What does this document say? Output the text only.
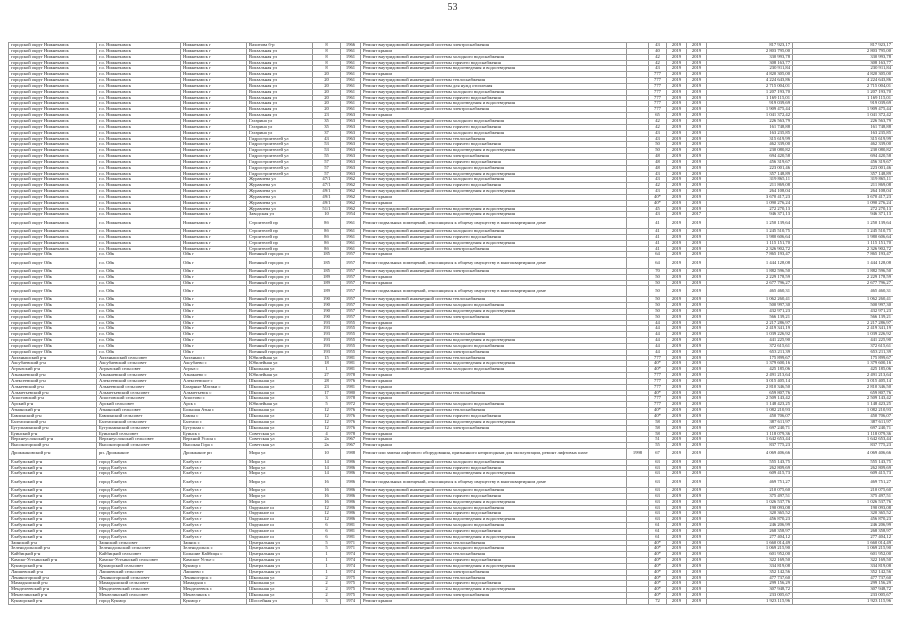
53
городской округ Нижнекамск	г.о. Нижнекамск	Нижнекамск г	Вахитова б-р	8	1966	Ремонт внутридомовой инженерной системы электроснабжения		43	2019	2019	817 923,17	817 923,17
городской округ Нижнекамск	г.о. Нижнекамск	Нижнекамск г	Вокзальная ул	8	1961	Ремонт крыши		40	2019	2019	2 803 795,00	2 803 795,00
городской округ Нижнекамск	г.о. Нижнекамск	Нижнекамск г	Вокзальная ул	8	1961	Ремонт внутридомовой инженерной системы холодного водоснабжения		42	2019	2019	330 993,78	330 993,78
городской округ Нижнекамск	г.о. Нижнекамск	Нижнекамск г	Вокзальная ул	8	1961	Ремонт внутридомовой инженерной системы горячего водоснабжения		42	2019	2019	308 163,77	308 163,77
городской округ Нижнекамск	г.о. Нижнекамск	Нижнекамск г	Вокзальная ул	8	1961	Ремонт внутридомовой инженерной системы водоотведения и водоотведения		43	2019	2019	230 911,84	230 911,84
городской округ Нижнекамск	г.о. Нижнекамск	Нижнекамск г	Вокзальная ул	20	1961	Ремонт крыши		777	2019	2019	4 820 305,00	4 820 305,00
городской округ Нижнекамск	г.о. Нижнекамск	Нижнекамск г	Вокзальная ул	20	1961	Ремонт внутридомовой инженерной системы теплоснабжения		777	2019	2019	4 224 643,86	4 224 643,86
городской округ Нижнекамск	г.о. Нижнекамск	Нижнекамск г	Вокзальная ул	20	1961	Ремонт внутридомовой инженерной системы для нужд отопления		777	2019	2019	2 715 004,01	2 715 004,01
городской округ Нижнекамск	г.о. Нижнекамск	Нижнекамск г	Вокзальная ул	20	1961	Ремонт внутридомовой инженерной системы холодного водоснабжения		777	2019	2019	1 207 193,70	1 207 193,70
городской округ Нижнекамск	г.о. Нижнекамск	Нижнекамск г	Вокзальная ул	20	1961	Ремонт внутридомовой инженерной системы горячего водоснабжения		777	2019	2019	1 169 115,01	1 169 115,01
городской округ Нижнекамск	г.о. Нижнекамск	Нижнекамск г	Вокзальная ул	20	1961	Ремонт внутридомовой инженерной системы водоотведения и водоотведения		777	2019	2019	919 039,69	919 039,69
городской округ Нижнекамск	г.о. Нижнекамск	Нижнекамск г	Вокзальная ул	20	1961	Ремонт внутридомовой инженерной системы электроснабжения		777	2019	2019	1 909 475,44	1 909 475,44
городской округ Нижнекамск	г.о. Нижнекамск	Нижнекамск г	Вокзальная ул	23	1963	Ремонт крыши		65	2019	2019	1 041 372,42	1 041 372,42
городской округ Нижнекамск	г.о. Нижнекамск	Нижнекамск г	Гагарина ул	35	1963	Ремонт внутридомовой инженерной системы холодного водоснабжения		42	2019	2019	226 563,79	226 563,79
городской округ Нижнекамск	г.о. Нижнекамск	Нижнекамск г	Гагарина ул	35	1963	Ремонт внутридомовой инженерной системы горячего водоснабжения		42	2019	2019	161 748,88	161 748,88
городской округ Нижнекамск	г.о. Нижнекамск	Нижнекамск г	Гагарина ул	37	1963	Ремонт внутридомовой инженерной системы холодного водоснабжения		43	2019	2019	163 235,85	163 235,85
городской округ Нижнекамск	г.о. Нижнекамск	Нижнекамск г	Гидростроителей ул	43	1963	Ремонт внутридомовой инженерной системы теплоснабжения		43	2019	2019	315 619,99	315 619,99
городской округ Нижнекамск	г.о. Нижнекамск	Нижнекамск г	Гидростроителей ул	53	1963	Ремонт внутридомовой инженерной системы горячего водоснабжения		50	2019	2019	462 339,00	462 339,00
городской округ Нижнекамск	г.о. Нижнекамск	Нижнекамск г	Гидростроителей ул	53	1963	Ремонт внутридомовой инженерной системы водоотведения и водоотведения		50	2019	2019	230 080,82	230 080,82
городской округ Нижнекамск	г.о. Нижнекамск	Нижнекамск г	Гидростроителей ул	55	1963	Ремонт внутридомовой инженерной системы электроснабжения		48	2019	2019	694 420,58	694 420,58
городской округ Нижнекамск	г.о. Нижнекамск	Нижнекамск г	Гидростроителей ул	57	1963	Ремонт внутридомовой инженерной системы горячего водоснабжения		48	2019	2019	456 319,67	456 319,67
городской округ Нижнекамск	г.о. Нижнекамск	Нижнекамск г	Гидростроителей ул	57	1963	Ремонт внутридомовой инженерной системы холодного водоснабжения		48	2019	2019	223 001,46	223 001,46
городской округ Нижнекамск	г.о. Нижнекамск	Нижнекамск г	Гидростроителей ул	57	1963	Ремонт внутридомовой инженерной системы водоотведения и водоотведения		43	2019	2019	357 148,89	357 148,89
городской округ Нижнекамск	г.о. Нижнекамск	Нижнекамск г	Журавлева ул	47/1	1962	Ремонт внутридомовой инженерной системы холодного водоснабжения		43	2019	2019	319 865,11	319 865,11
городской округ Нижнекамск	г.о. Нижнекамск	Нижнекамск г	Журавлева ул	47/1	1962	Ремонт внутридомовой инженерной системы горячего водоснабжения		42	2019	2019	211 869,08	211 869,08
городской округ Нижнекамск	г.о. Нижнекамск	Нижнекамск г	Журавлева ул	49/1	1962	Ремонт внутридомовой инженерной системы водоотведения и водоотведения		43	2019	2019	264 108,04	264 108,04
городской округ Нижнекамск	г.о. Нижнекамск	Нижнекамск г	Журавлева ул	49/1	1962	Ремонт крыши		40*	2019	2019	3 670 417,23	3 670 417,23
городской округ Нижнекамск	г.о. Нижнекамск	Нижнекамск г	Журавлева ул	49/1	1962	Ремонт крыши		40*	2019	2019	1 090 276,24	1 090 276,24
городской округ Нижнекамск	г.о. Нижнекамск	Нижнекамск г	Журавлева ул	51/1	1962	Ремонт внутридомовой инженерной системы водоотведения и водоотведения		45	2019	2019	272 270,13	272 270,13
городской округ Нижнекамск	г.о. Нижнекамск	Нижнекамск г	Заводская ул	10	1954	Ремонт внутридомовой инженерной системы водоотведения и водоотведения		43	2019	2017	946 371,13	946 371,13
городской округ Нижнекамск	г.о. Нижнекамск	Нижнекамск г	Строителей пр	8б	1961	Ремонт подвальных помещений, относящихся к общему имуществу в многоквартирном доме		41	2019	2019	1 250 139,64	1 250 139,64
городской округ Нижнекамск	г.о. Нижнекамск	Нижнекамск г	Строителей пр	8б	1961	Ремонт внутридомовой инженерной системы холодного водоснабжения		41	2019	2019	1 245 510,75	1 245 510,75
городской округ Нижнекамск	г.о. Нижнекамск	Нижнекамск г	Строителей пр	8б	1961	Ремонт внутридомовой инженерной системы горячего водоснабжения		41	2019	2019	1 980 606,64	1 980 606,64
городской округ Нижнекамск	г.о. Нижнекамск	Нижнекамск г	Строителей пр	8б	1961	Ремонт внутридомовой инженерной системы водоотведения и водоотведения		41	2019	2019	1 115 151,70	1 115 151,70
городской округ Нижнекамск	г.о. Нижнекамск	Нижнекамск г	Строителей пр	8б	1961	Ремонт внутридомовой инженерной системы электроснабжения		41	2019	2019	2 326 902,72	2 326 902,72
городской округ Ойк	г.о. Ойк	Ойк г	Военный городок ул	185	1957	Ремонт крыши		64	2019	2019	7 865 193,47	7 865 193,47
городской округ Ойк	г.о. Ойк	Ойк г	Военный городок ул	185	1957	Ремонт подвальных помещений, относящихся к общему имуществу в многоквартирном доме		64	2019	2019	1 444 128,08	1 444 128,08
городской округ Ойк	г.о. Ойк	Ойк г	Военный городок ул	185	1957	Ремонт внутридомовой инженерной системы электроснабжения		70	2019	2019	1 882 596,50	1 882 596,50
городской округ Ойк	г.о. Ойк	Ойк г	Военный городок ул	189	1957	Ремонт крыши		50	2019	2019	2 229 178,59	2 229 178,59
городской округ Ойк	г.о. Ойк	Ойк г	Военный городок ул	189	1957	Ремонт крыши		50	2019	2019	2 677 796,27	2 677 796,27
городской округ Ойк	г.о. Ойк	Ойк г	Военный городок ул	189	1957	Ремонт подвальных помещений, относящихся к общему имуществу в многоквартирном доме		50	2019	2019	465 460,31	465 460,31
городской округ Ойк	г.о. Ойк	Ойк г	Военный городок ул	190	1957	Ремонт внутридомовой инженерной системы теплоснабжения		50	2019	2019	1 062 260,41	1 062 260,41
городской округ Ойк	г.о. Ойк	Ойк г	Военный городок ул	190	1957	Ремонт внутридомовой инженерной системы холодного водоснабжения		50	2019	2019	500 997,30	500 997,30
городской округ Ойк	г.о. Ойк	Ойк г	Военный городок ул	190	1957	Ремонт внутридомовой инженерной системы водоотведения и водоотведения		50	2019	2019	432 971,23	432 971,23
городской округ Ойк	г.о. Ойк	Ойк г	Военный городок ул	190	1957	Ремонт внутридомовой инженерной системы электроснабжения		50	2019	2019	566 139,21	566 139,21
городской округ Ойк	г.о. Ойк	Ойк г	Военный городок ул	193	1955	Ремонт крыши		44	2019	2019	2 217 286,97	2 217 286,97
городской округ Ойк	г.о. Ойк	Ойк г	Военный городок ул	193	1955	Ремонт фасада		44	2019	2019	2 419 341,19	2 419 341,19
городской округ Ойк	г.о. Ойк	Ойк г	Военный городок ул	193	1955	Ремонт внутридомовой инженерной системы теплоснабжения		44	2019	2019	1 039 226,92	1 039 226,92
городской округ Ойк	г.о. Ойк	Ойк г	Военный городок ул	193	1955	Ремонт внутридомовой инженерной системы водоотведения и водоотведения		44	2019	2019	441 225,90	441 225,90
городской округ Ойк	г.о. Ойк	Ойк г	Военный городок ул	193	1955	Ремонт внутридомовой инженерной системы холодного водоснабжения		44	2019	2019	372 615,61	372 615,61
городской округ Ойк	г.о. Ойк	Ойк г	Военный городок ул	193	1955	Ремонт внутридомовой инженерной системы электроснабжения		44	2019	2019	653 211,39	653 211,39
Актанышский р-н	Актанышский сельсовет	Актаныш с	Юбилейная ул	15	1981	Ремонт внутридомовой инженерной системы теплоснабжения		777	2019	2019	175 899,67	175 899,67
Аксубаевский р-н	Аксубаевский сельсовет	Аксубаево с	Юбилейная ул	18	1981	Ремонт внутридомовой инженерной системы водоотведения и водоотведения		40*	2019	2019	1 379 600,16	1 379 600,16
Агрызский р-н	Агрызский сельсовет	Агрыз с	Школьная ул	1	1981	Ремонт внутридомовой инженерной системы холодного водоснабжения		40*	2019	2019	425 185,06	425 185,06
Азнакаевский р-н	Азнакаевский сельсовет	Азнакаево с	Юбилейная ул	27	1978	Ремонт крыши		777	2019	2019	2 491 213,64	2 491 213,64
Алексеевский р-н	Алексеевский сельсовет	Алексеевское с	Школьная ул	28	1976	Ремонт крыши		777	2019	2019	3 015 405,14	3 015 405,14
Алькеевский р-н	Алькеевский сельсовет	Базарные Матаки с	Школьная ул	23	1981	Ремонт крыши		777	2019	2019	2 810 346,50	2 810 346,50
Альметьевский р-н	Альметьевский сельсовет	Альметьевск с	Школьная ул	17	1980	Ремонт внутридомовой инженерной системы теплоснабжения		40*	2019	2019	659 807,76	659 807,76
Апастовский р-н	Апастовский сельсовет	Апастово с	Школьная ул	3	1978	Ремонт крыши		777	2019	2019	2 509 143,42	2 509 143,42
Арский р-н	Арский сельсовет	Арск с	Юбилейная ул	5	1972	Ремонт внутридомовой инженерной системы холодного водоснабжения		777	2019	2019	1 148 423,25	1 148 423,25
Атнинский р-н	Атнинский сельсовет	Большая Атня с	Школьная ул	12	1976	Ремонт внутридомовой инженерной системы теплоснабжения		40*	2019	2019	1 082 210,93	1 082 210,93
Бавлинский р-н	Бавлинский сельсовет	Бавлы с	Школьная ул	12	1976	Ремонт внутридомовой инженерной системы горячего водоснабжения		40*	2019	2019	450 706,07	450 706,07
Балтасинский р-н	Балтасинский сельсовет	Балтаси с	Школьная ул	12	1976	Ремонт внутридомовой инженерной системы водоотведения и водоотведения		58	2019	2019	387 611,97	387 611,97
Бугульминский р-н	Бугульминский сельсовет	Бугульма с	Школьная ул	12	1976	Ремонт внутридомовой инженерной системы электроснабжения		58	2019	2019	697 240,71	697 240,71
Буинский р-н	Буинский сельсовет	Буинск с	Советская ул	4	1978	Ремонт крыши		58	2019	2019	1 118 079,36	1 118 079,36
Верхнеуслонский р-н	Верхнеуслонский сельсовет	Верхний Услон с	Советская ул	2а	1967	Ремонт крыши		51	2019	2019	1 642 653,44	1 642 653,44
Высокогорский р-н	Высокогорский сельсовет	Высокая Гора с	Советская ул	2а	1967	Ремонт крыши		55	2019	2019	837 775,23	837 775,23
Дрожжановский р-н	рп. Дрожжаное	Дрожжаное рп	Мира ул	10	1988	Ремонт или замена лифтового оборудования, признанного непригодным для эксплуатации, ремонт лифтовых шахт	1998	67	2019	2019	4 069 406,66	4 069 406,66
Елабужский р-н	город Елабуга	Елабуга г	Мира ул	14	1986	Ремонт внутридомовой инженерной системы холодного водоснабжения		63	2019	2019	555 143,75	555 143,75
Елабужский р-н	город Елабуга	Елабуга г	Мира ул	14	1986	Ремонт внутридомовой инженерной системы горячего водоснабжения		63	2019	2019	262 809,69	262 809,69
Елабужский р-н	город Елабуга	Елабуга г	Мира ул	14	1986	Ремонт внутридомовой инженерной системы водоотведения и водоотведения		63	2019	2019	609 415,73	609 415,73
Елабужский р-н	город Елабуга	Елабуга г	Мира ул	16	1986	Ремонт подвальных помещений, относящихся к общему имуществу в многоквартирном доме		63	2019	2019	469 751,27	469 751,27
Елабужский р-н	город Елабуга	Елабуга г	Мира ул	16	1986	Ремонт внутридомовой инженерной системы холодного водоснабжения		63	2019	2019	210 075,60	210 075,60
Елабужский р-н	город Елабуга	Елабуга г	Мира ул	16	1986	Ремонт внутридомовой инженерной системы горячего водоснабжения		63	2019	2019	375 497,51	375 497,51
Елабужский р-н	город Елабуга	Елабуга г	Мира ул	16	1986	Ремонт внутридомовой инженерной системы водоотведения и водоотведения		63	2019	2019	1 026 537,76	1 026 537,76
Елабужский р-н	город Елабуга	Елабуга г	Окружное ш	12	1986	Ремонт внутридомовой инженерной системы холодного водоснабжения		63	2019	2019	190 093,08	190 093,08
Елабужский р-н	город Елабуга	Елабуга г	Окружное ш	12	1986	Ремонт внутридомовой инженерной системы горячего водоснабжения		63	2019	2019	320 365,52	320 365,52
Елабужский р-н	город Елабуга	Елабуга г	Окружное ш	12	1986	Ремонт внутридомовой инженерной системы водоотведения и водоотведения		63	2019	2019	456 870,23	456 870,23
Елабужский р-н	город Елабуга	Елабуга г	Окружное ш	6	1981	Ремонт внутридомовой инженерной системы холодного водоснабжения		61	2019	2019	246 206,99	246 206,99
Елабужский р-н	город Елабуга	Елабуга г	Окружное ш	6	1981	Ремонт внутридомовой инженерной системы горячего водоснабжения		61	2019	2019	268 358,97	268 358,97
Елабужский р-н	город Елабуга	Елабуга г	Окружное ш	6	1981	Ремонт внутридомовой инженерной системы водоотведения и водоотведения		61	2019	2019	277 404,12	277 404,12
Заинский р-н	Заинский сельсовет	Заинск с	Центральная ул	5	1971	Ремонт внутридомовой инженерной системы теплоснабжения		40*	2019	2019	1 660 014,49	1 660 014,49
Зеленодольский р-н	Зеленодольский сельсовет	Зеленодольск с	Центральная ул	5	1971	Ремонт внутридомовой инженерной системы холодного водоснабжения		40*	2019	2019	1 069 215,90	1 069 215,90
Кайбицкий р-н	Кайбицкий сельсовет	Большие Кайбицы с	Центральная ул	1	1974	Ремонт внутридомовой инженерной системы теплоснабжения		40*	2019	2019	601 952,00	601 952,00
Камско-Устьинский р-н	Камско-Устьинский сельсовет	Камское Устье с	Центральная ул	1	1974	Ремонт внутридомовой инженерной системы горячего водоснабжения		40*	2019	2019	322 169,50	322 169,50
Кукморский р-н	Кукморский сельсовет	Кукмор с	Центральная ул	1	1974	Ремонт внутридомовой инженерной системы водоотведения и водоотведения		40*	2019	2019	334 819,08	334 819,08
Лаишевский р-н	Лаишевский сельсовет	Лаишево с	Центральная ул	1	1974	Ремонт внутридомовой инженерной системы электроснабжения		40*	2019	2019	352 142,56	352 142,56
Лениногорский р-н	Лениногорский сельсовет	Лениногорск с	Школьная ул	2	1975	Ремонт внутридомовой инженерной системы теплоснабжения		40*	2019	2019	477 737,60	477 737,60
Мамадышский р-н	Мамадышский сельсовет	Мамадыш с	Школьная ул	2	1975	Ремонт внутридомовой инженерной системы горячего водоснабжения		40*	2019	2019	299 156,29	299 156,29
Менделеевский р-н	Менделеевский сельсовет	Менделеевск с	Школьная ул	2	1975	Ремонт внутридомовой инженерной системы водоотведения и водоотведения		40*	2019	2019	307 948,72	307 948,72
Мензелинский р-н	Мензелинский сельсовет	Мензелинск с	Школьная ул	2	1975	Ремонт внутридомовой инженерной системы электроснабжения		40*	2019	2019	233 005,67	233 005,67
Кукморский р-н	город Кукмор	Кукмор г	Шоссейная ул	3	1974	Ремонт крыши		72	2019	2019	1 923 115,96	1 923 115,96
